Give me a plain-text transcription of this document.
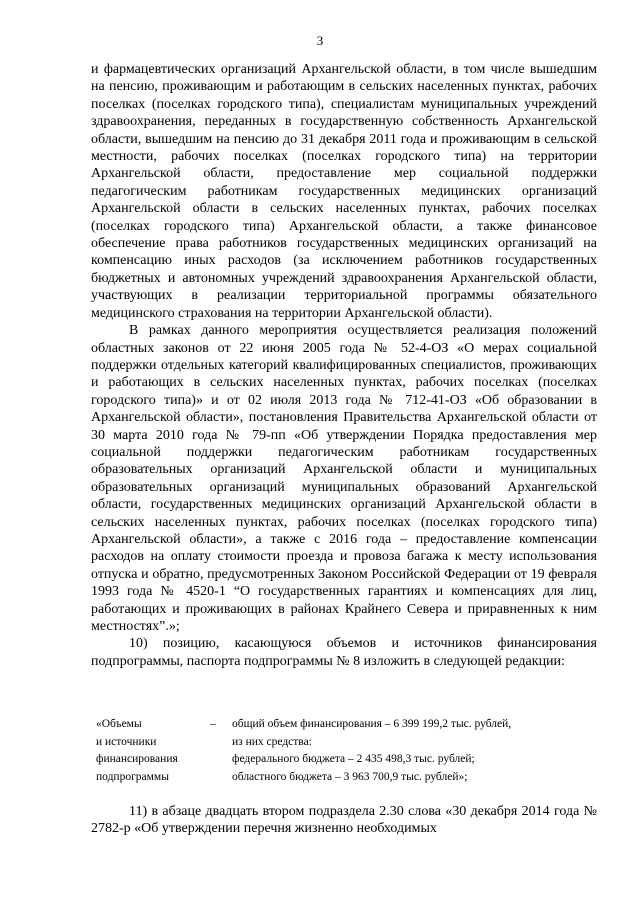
3

и фармацевтических организаций Архангельской области, в том числе вышедшим на пенсию, проживающим и работающим в сельских населенных пунктах, рабочих поселках (поселках городского типа), специалистам муниципальных учреждений здравоохранения, переданных в государственную собственность Архангельской области, вышедшим на пенсию до 31 декабря 2011 года и проживающим в сельской местности, рабочих поселках (поселках городского типа) на территории Архангельской области, предоставление мер социальной поддержки педагогическим работникам государственных медицинских организаций Архангельской области в сельских населенных пунктах, рабочих поселках (поселках городского типа) Архангельской области, а также финансовое обеспечение права работников государственных медицинских организаций на компенсацию иных расходов (за исключением работников государственных бюджетных и автономных учреждений здравоохранения Архангельской области, участвующих в реализации территориальной программы обязательного медицинского страхования на территории Архангельской области).

В рамках данного мероприятия осуществляется реализация положений областных законов от 22 июня 2005 года № 52-4-ОЗ «О мерах социальной поддержки отдельных категорий квалифицированных специалистов, проживающих и работающих в сельских населенных пунктах, рабочих поселках (поселках городского типа)» и от 02 июля 2013 года № 712-41-ОЗ «Об образовании в Архангельской области», постановления Правительства Архангельской области от 30 марта 2010 года № 79-пп «Об утверждении Порядка предоставления мер социальной поддержки педагогическим работникам государственных образовательных организаций Архангельской области и муниципальных образовательных организаций муниципальных образований Архангельской области, государственных медицинских организаций Архангельской области в сельских населенных пунктах, рабочих поселках (поселках городского типа) Архангельской области», а также с 2016 года – предоставление компенсации расходов на оплату стоимости проезда и провоза багажа к месту использования отпуска и обратно, предусмотренных Законом Российской Федерации от 19 февраля 1993 года № 4520-1 “О государственных гарантиях и компенсациях для лиц, работающих и проживающих в районах Крайнего Севера и приравненных к ним местностях”.»;

10) позицию, касающуюся объемов и источников финансирования подпрограммы, паспорта подпрограммы № 8 изложить в следующей редакции:

«Объемы
и источники
финансирования
подпрограммы
– общий объем финансирования – 6 399 199,2 тыс. рублей,
из них средства:
федерального бюджета – 2 435 498,3 тыс. рублей;
областного бюджета – 3 963 700,9 тыс. рублей»;

11) в абзаце двадцать втором подраздела 2.30 слова «30 декабря 2014 года № 2782-р «Об утверждении перечня жизненно необходимых
